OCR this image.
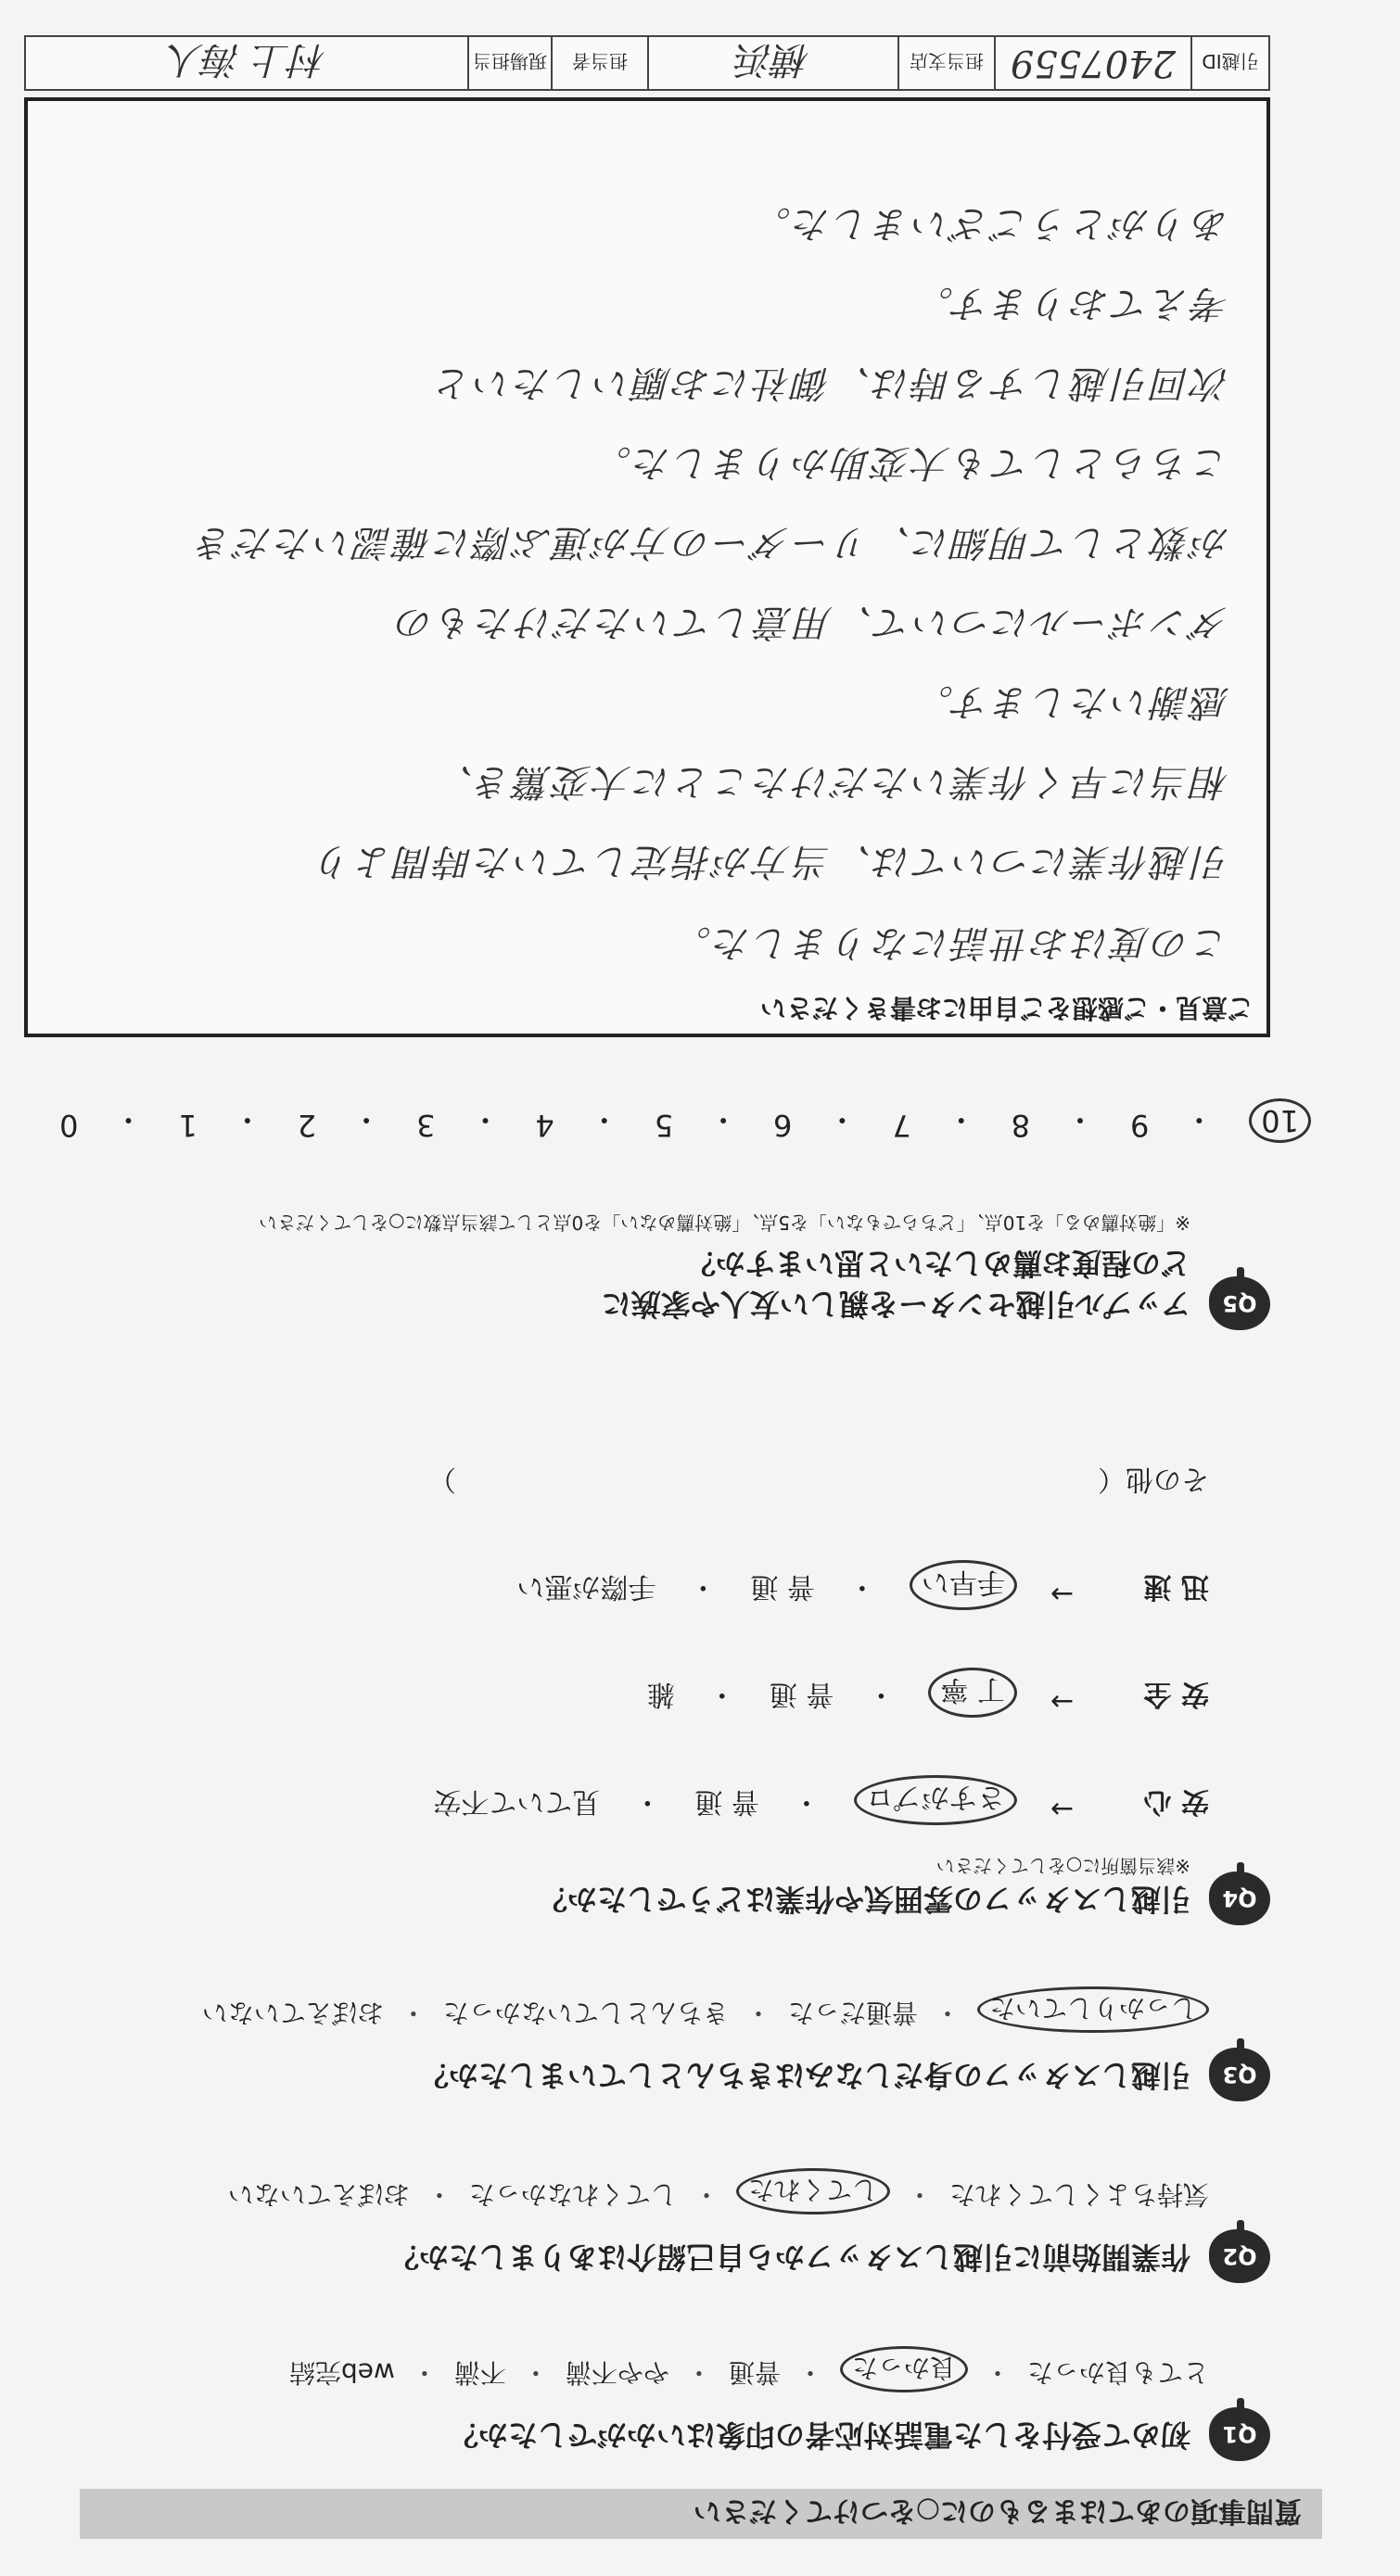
質問事項のあてはまるものに○をつけてください
Q1
初めて受付をした電話対応者の印象はいかがでしたか？
とても良かった
・
良かった
・
普通
・
やや不満
・
不満
・
web完結
Q2
作業開始前に引越しスタッフから自己紹介はありましたか？
気持ちよくしてくれた
・
してくれた
・
してくれなかった
・
おぼえていない
Q3
引越しスタッフの身だしなみはきちんとしていましたか？
しっかりしていた
・
普通だった
・
きちんとしていなかった
・
おぼえていない
Q4
引越しスタッフの雰囲気や作業はどうでしたか？
※該当箇所に○をしてください
安 心
→
さすがプロ
・
普 通
・
見ていて不安
安 全
→
丁 寧
・
普 通
・
雑
迅 速
→
手早い
・
普 通
・
手際が悪い
その他（
）
Q5
アップル引越センターを親しい友人や家族に
どの程度お薦めしたいと思いますか？
※「絶対薦める」を10点、「どちらでもない」を5点、「絶対薦めない」を0点として該当点数に○をしてください
10
・
9
・
8
・
7
・
6
・
5
・
4
・
3
・
2
・
1
・
0
ご意見・ご感想をご自由にお書きください
この度はお世話になりました。
引越作業については、当方が指定していた時間より
相当に早く作業いただけたことに大変驚き、
感謝いたします。
ダンボールについて、用意していただけたもの
が数として明細に、リーダーの方が運ぶ際に確認いただき
こちらとしても大変助かりました。
次回引越しする時は、御社にお願いしたいと
考えております。
ありがとうございました。
引越ID
2407559
担当支店
横浜
担当者
現場担当
村上 海人
